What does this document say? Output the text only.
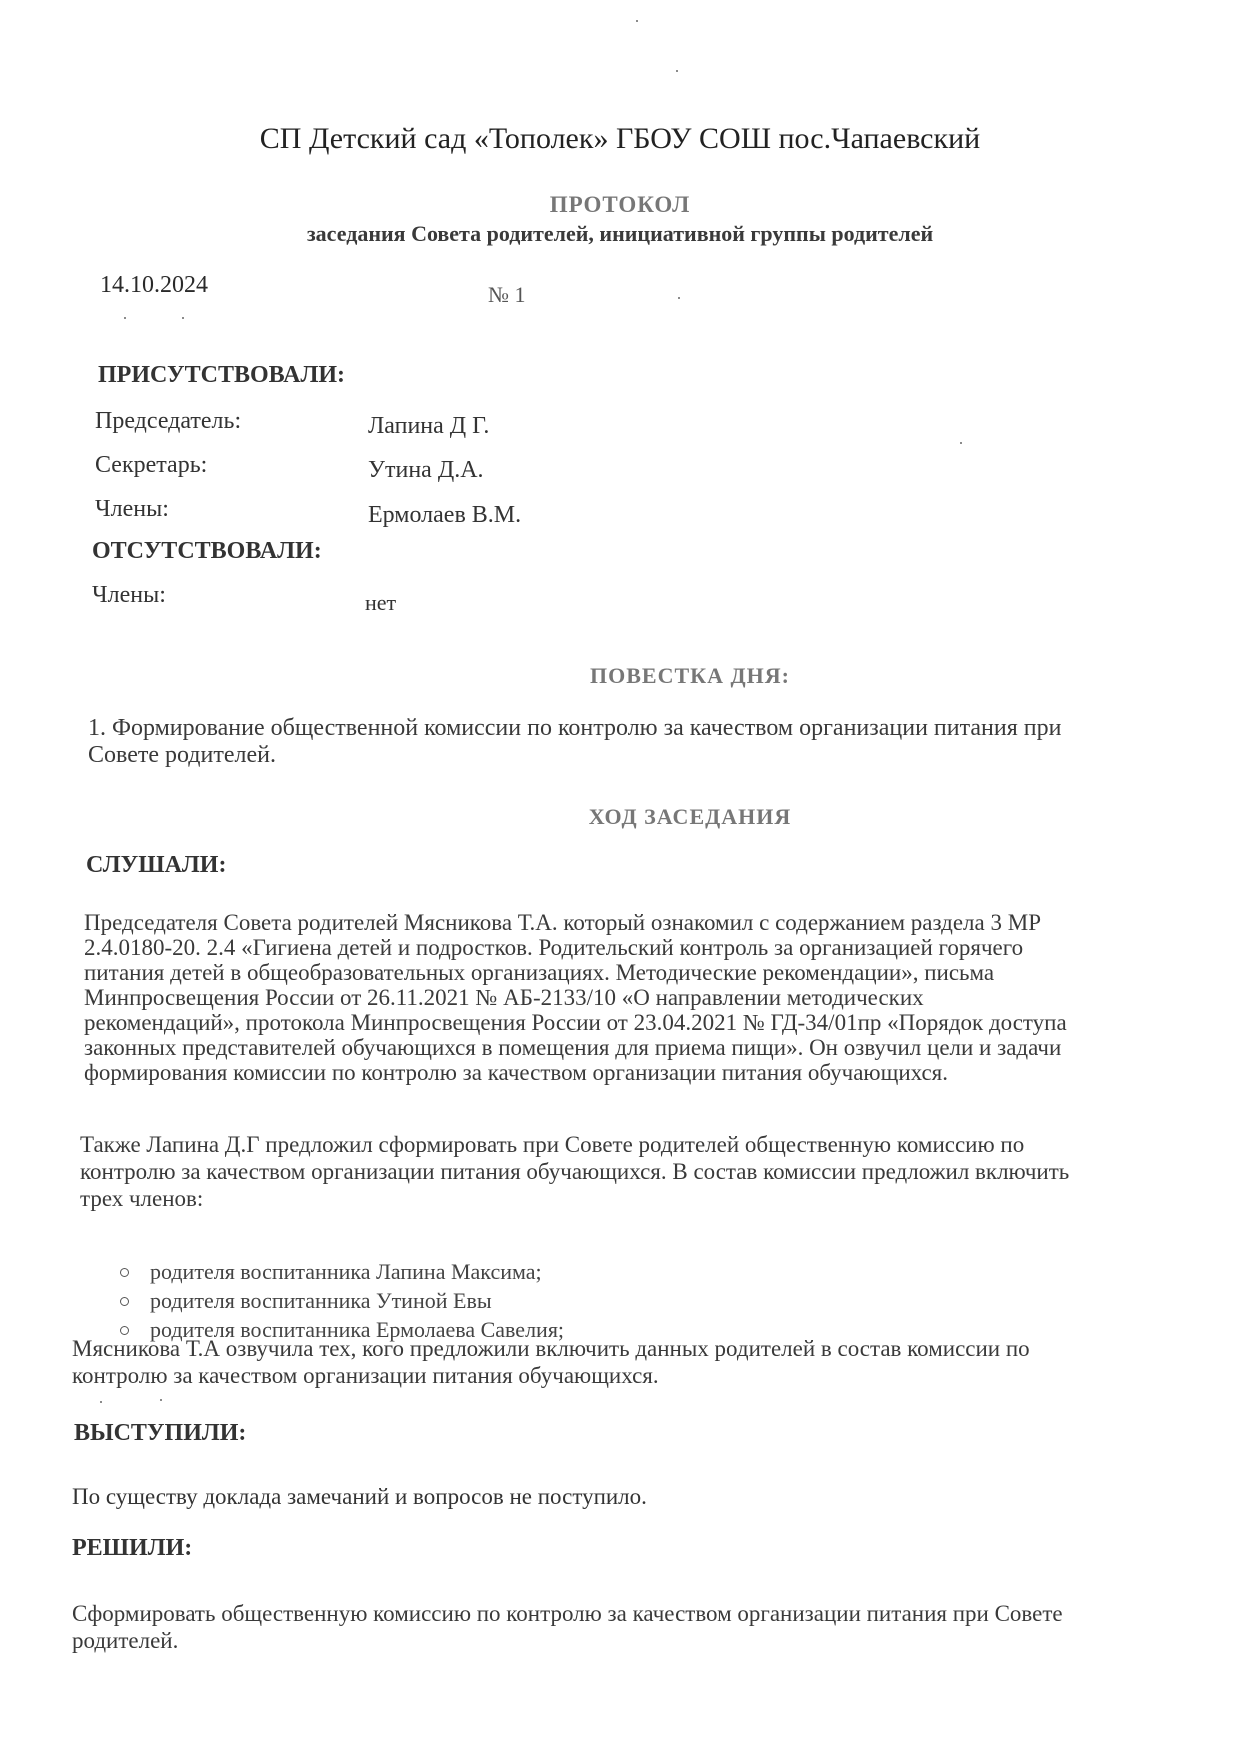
СП Детский сад «Тополек» ГБОУ СОШ пос.Чапаевский
ПРОТОКОЛ
заседания Совета родителей, инициативной группы родителей
14.10.2024	№ 1
ПРИСУТСТВОВАЛИ:
Председатель:	Лапина Д Г.
Секретарь:	Утина Д.А.
Члены:	Ермолаев В.М.
ОТСУТСТВОВАЛИ:
Члены:	нет
ПОВЕСТКА ДНЯ:
1. Формирование общественной комиссии по контролю за качеством организации питания при
Совете родителей.
ХОД ЗАСЕДАНИЯ
СЛУШАЛИ:
Председателя Совета родителей Мясникова Т.А. который ознакомил с содержанием раздела 3 МР
2.4.0180-20. 2.4 «Гигиена детей и подростков. Родительский контроль за организацией горячего
питания детей в общеобразовательных организациях. Методические рекомендации», письма
Минпросвещения России от 26.11.2021 № АБ-2133/10 «О направлении методических
рекомендаций», протокола Минпросвещения России от 23.04.2021 № ГД-34/01пр «Порядок доступа
законных представителей обучающихся в помещения для приема пищи». Он озвучил цели и задачи
формирования комиссии по контролю за качеством организации питания обучающихся.
Также Лапина Д.Г предложил сформировать при Совете родителей общественную комиссию по
контролю за качеством организации питания обучающихся. В состав комиссии предложил включить
трех членов:
родителя воспитанника Лапина Максима;
родителя воспитанника Утиной Евы
родителя воспитанника Ермолаева Савелия;
Мясникова Т.А озвучила тех, кого предложили включить данных родителей в состав комиссии по
контролю за качеством организации питания обучающихся.
ВЫСТУПИЛИ:
По существу доклада замечаний и вопросов не поступило.
РЕШИЛИ:
Сформировать общественную комиссию по контролю за качеством организации питания при Совете
родителей.
